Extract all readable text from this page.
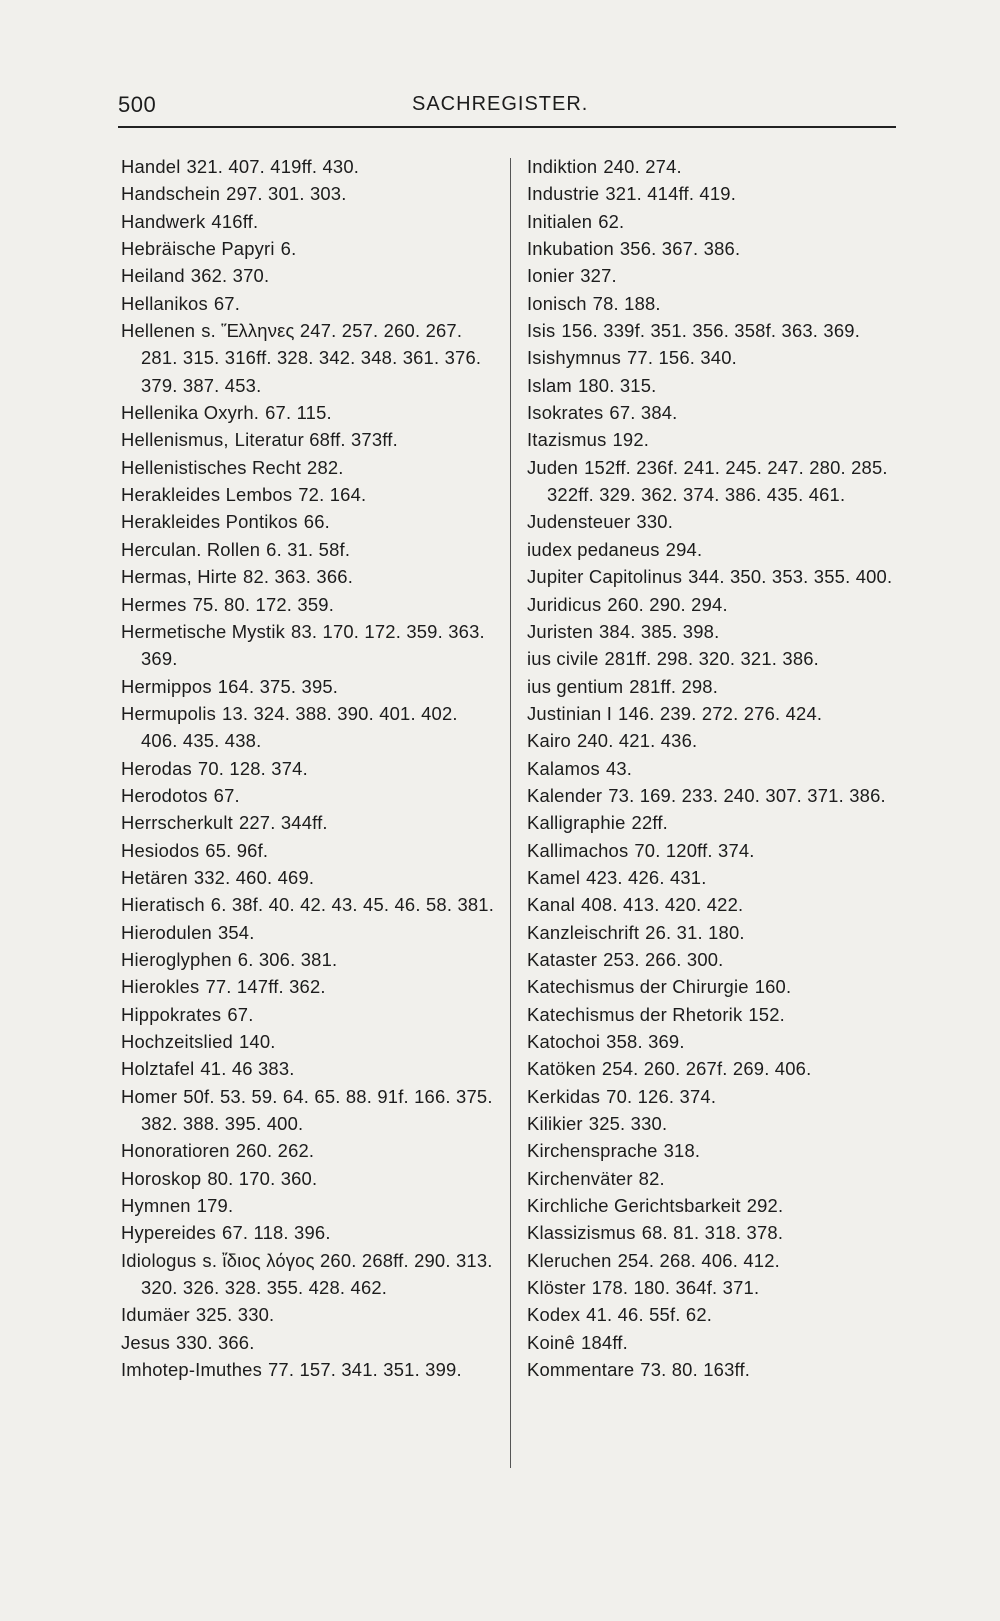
500	SACHREGISTER.
Handel 321. 407. 419ff. 430.
Handschein 297. 301. 303.
Handwerk 416ff.
Hebräische Papyri 6.
Heiland 362. 370.
Hellanikos 67.
Hellenen s. Ἕλληνες 247. 257. 260. 267. 281. 315. 316ff. 328. 342. 348. 361. 376. 379. 387. 453.
Hellenika Oxyrh. 67. 115.
Hellenismus, Literatur 68ff. 373ff.
Hellenistisches Recht 282.
Herakleides Lembos 72. 164.
Herakleides Pontikos 66.
Herculan. Rollen 6. 31. 58f.
Hermas, Hirte 82. 363. 366.
Hermes 75. 80. 172. 359.
Hermetische Mystik 83. 170. 172. 359. 363. 369.
Hermippos 164. 375. 395.
Hermupolis 13. 324. 388. 390. 401. 402. 406. 435. 438.
Herodas 70. 128. 374.
Herodotos 67.
Herrscherkult 227. 344ff.
Hesiodos 65. 96f.
Hetären 332. 460. 469.
Hieratisch 6. 38f. 40. 42. 43. 45. 46. 58. 381.
Hierodulen 354.
Hieroglyphen 6. 306. 381.
Hierokles 77. 147ff. 362.
Hippokrates 67.
Hochzeitslied 140.
Holztafel 41. 46 383.
Homer 50f. 53. 59. 64. 65. 88. 91f. 166. 375. 382. 388. 395. 400.
Honoratioren 260. 262.
Horoskop 80. 170. 360.
Hymnen 179.
Hypereides 67. 118. 396.
Idiologus s. ἴδιος λόγος 260. 268ff. 290. 313. 320. 326. 328. 355. 428. 462.
Idumäer 325. 330.
Jesus 330. 366.
Imhotep-Imuthes 77. 157. 341. 351. 399.
Indiktion 240. 274.
Industrie 321. 414ff. 419.
Initialen 62.
Inkubation 356. 367. 386.
Ionier 327.
Ionisch 78. 188.
Isis 156. 339f. 351. 356. 358f. 363. 369.
Isishymnus 77. 156. 340.
Islam 180. 315.
Isokrates 67. 384.
Itazismus 192.
Juden 152ff. 236f. 241. 245. 247. 280. 285. 322ff. 329. 362. 374. 386. 435. 461.
Judensteuer 330.
iudex pedaneus 294.
Jupiter Capitolinus 344. 350. 353. 355. 400.
Juridicus 260. 290. 294.
Juristen 384. 385. 398.
ius civile 281ff. 298. 320. 321. 386.
ius gentium 281ff. 298.
Justinian I 146. 239. 272. 276. 424.
Kairo 240. 421. 436.
Kalamos 43.
Kalender 73. 169. 233. 240. 307. 371. 386.
Kalligraphie 22ff.
Kallimachos 70. 120ff. 374.
Kamel 423. 426. 431.
Kanal 408. 413. 420. 422.
Kanzleischrift 26. 31. 180.
Kataster 253. 266. 300.
Katechismus der Chirurgie 160.
Katechismus der Rhetorik 152.
Katochoi 358. 369.
Katöken 254. 260. 267f. 269. 406.
Kerkidas 70. 126. 374.
Kilikier 325. 330.
Kirchensprache 318.
Kirchenväter 82.
Kirchliche Gerichtsbarkeit 292.
Klassizismus 68. 81. 318. 378.
Kleruchen 254. 268. 406. 412.
Klöster 178. 180. 364f. 371.
Kodex 41. 46. 55f. 62.
Koinê 184ff.
Kommentare 73. 80. 163ff.
